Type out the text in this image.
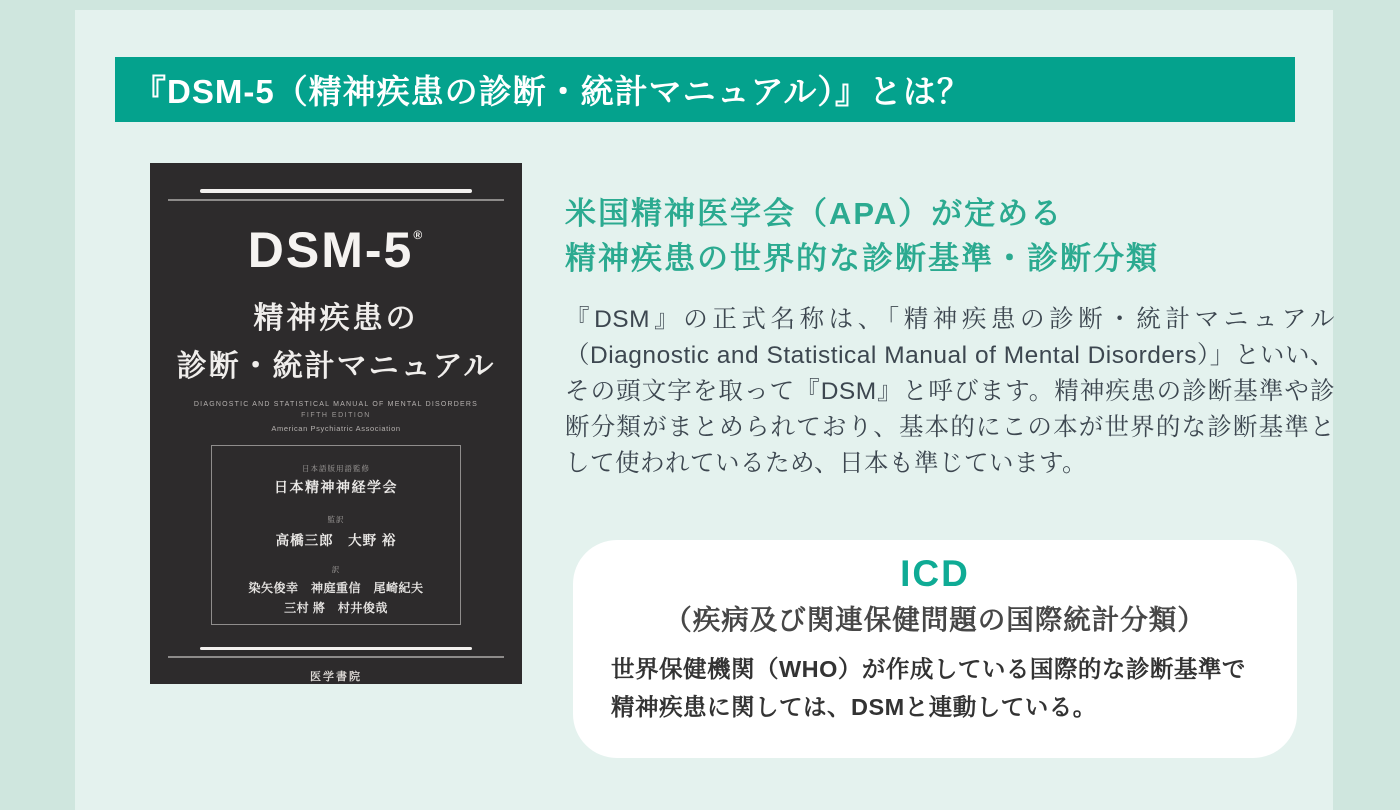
『DSM-5（精神疾患の診断・統計マニュアル）』とは？
DSM-5®
精神疾患の
診断・統計マニュアル
DIAGNOSTIC AND STATISTICAL MANUAL OF MENTAL DISORDERS
FIFTH EDITION
American Psychiatric Association
日本語版用語監修
日本精神神経学会
監訳
高橋三郎　大野 裕
訳
染矢俊幸　神庭重信　尾崎紀夫
三村 將　村井俊哉
医学書院
米国精神医学会（APA）が定める
精神疾患の世界的な診断基準・診断分類
『DSM』の正式名称は、「精神疾患の診断・統計マニュアル（Diagnostic and Statistical Manual of Mental Disorders）」といい、その頭文字を取って『DSM』と呼びます。精神疾患の診断基準や診断分類がまとめられており、基本的にこの本が世界的な診断基準として使われているため、日本も準じています。
ICD
（疾病及び関連保健問題の国際統計分類）
世界保健機関（WHO）が作成している国際的な診断基準で精神疾患に関しては、DSMと連動している。
